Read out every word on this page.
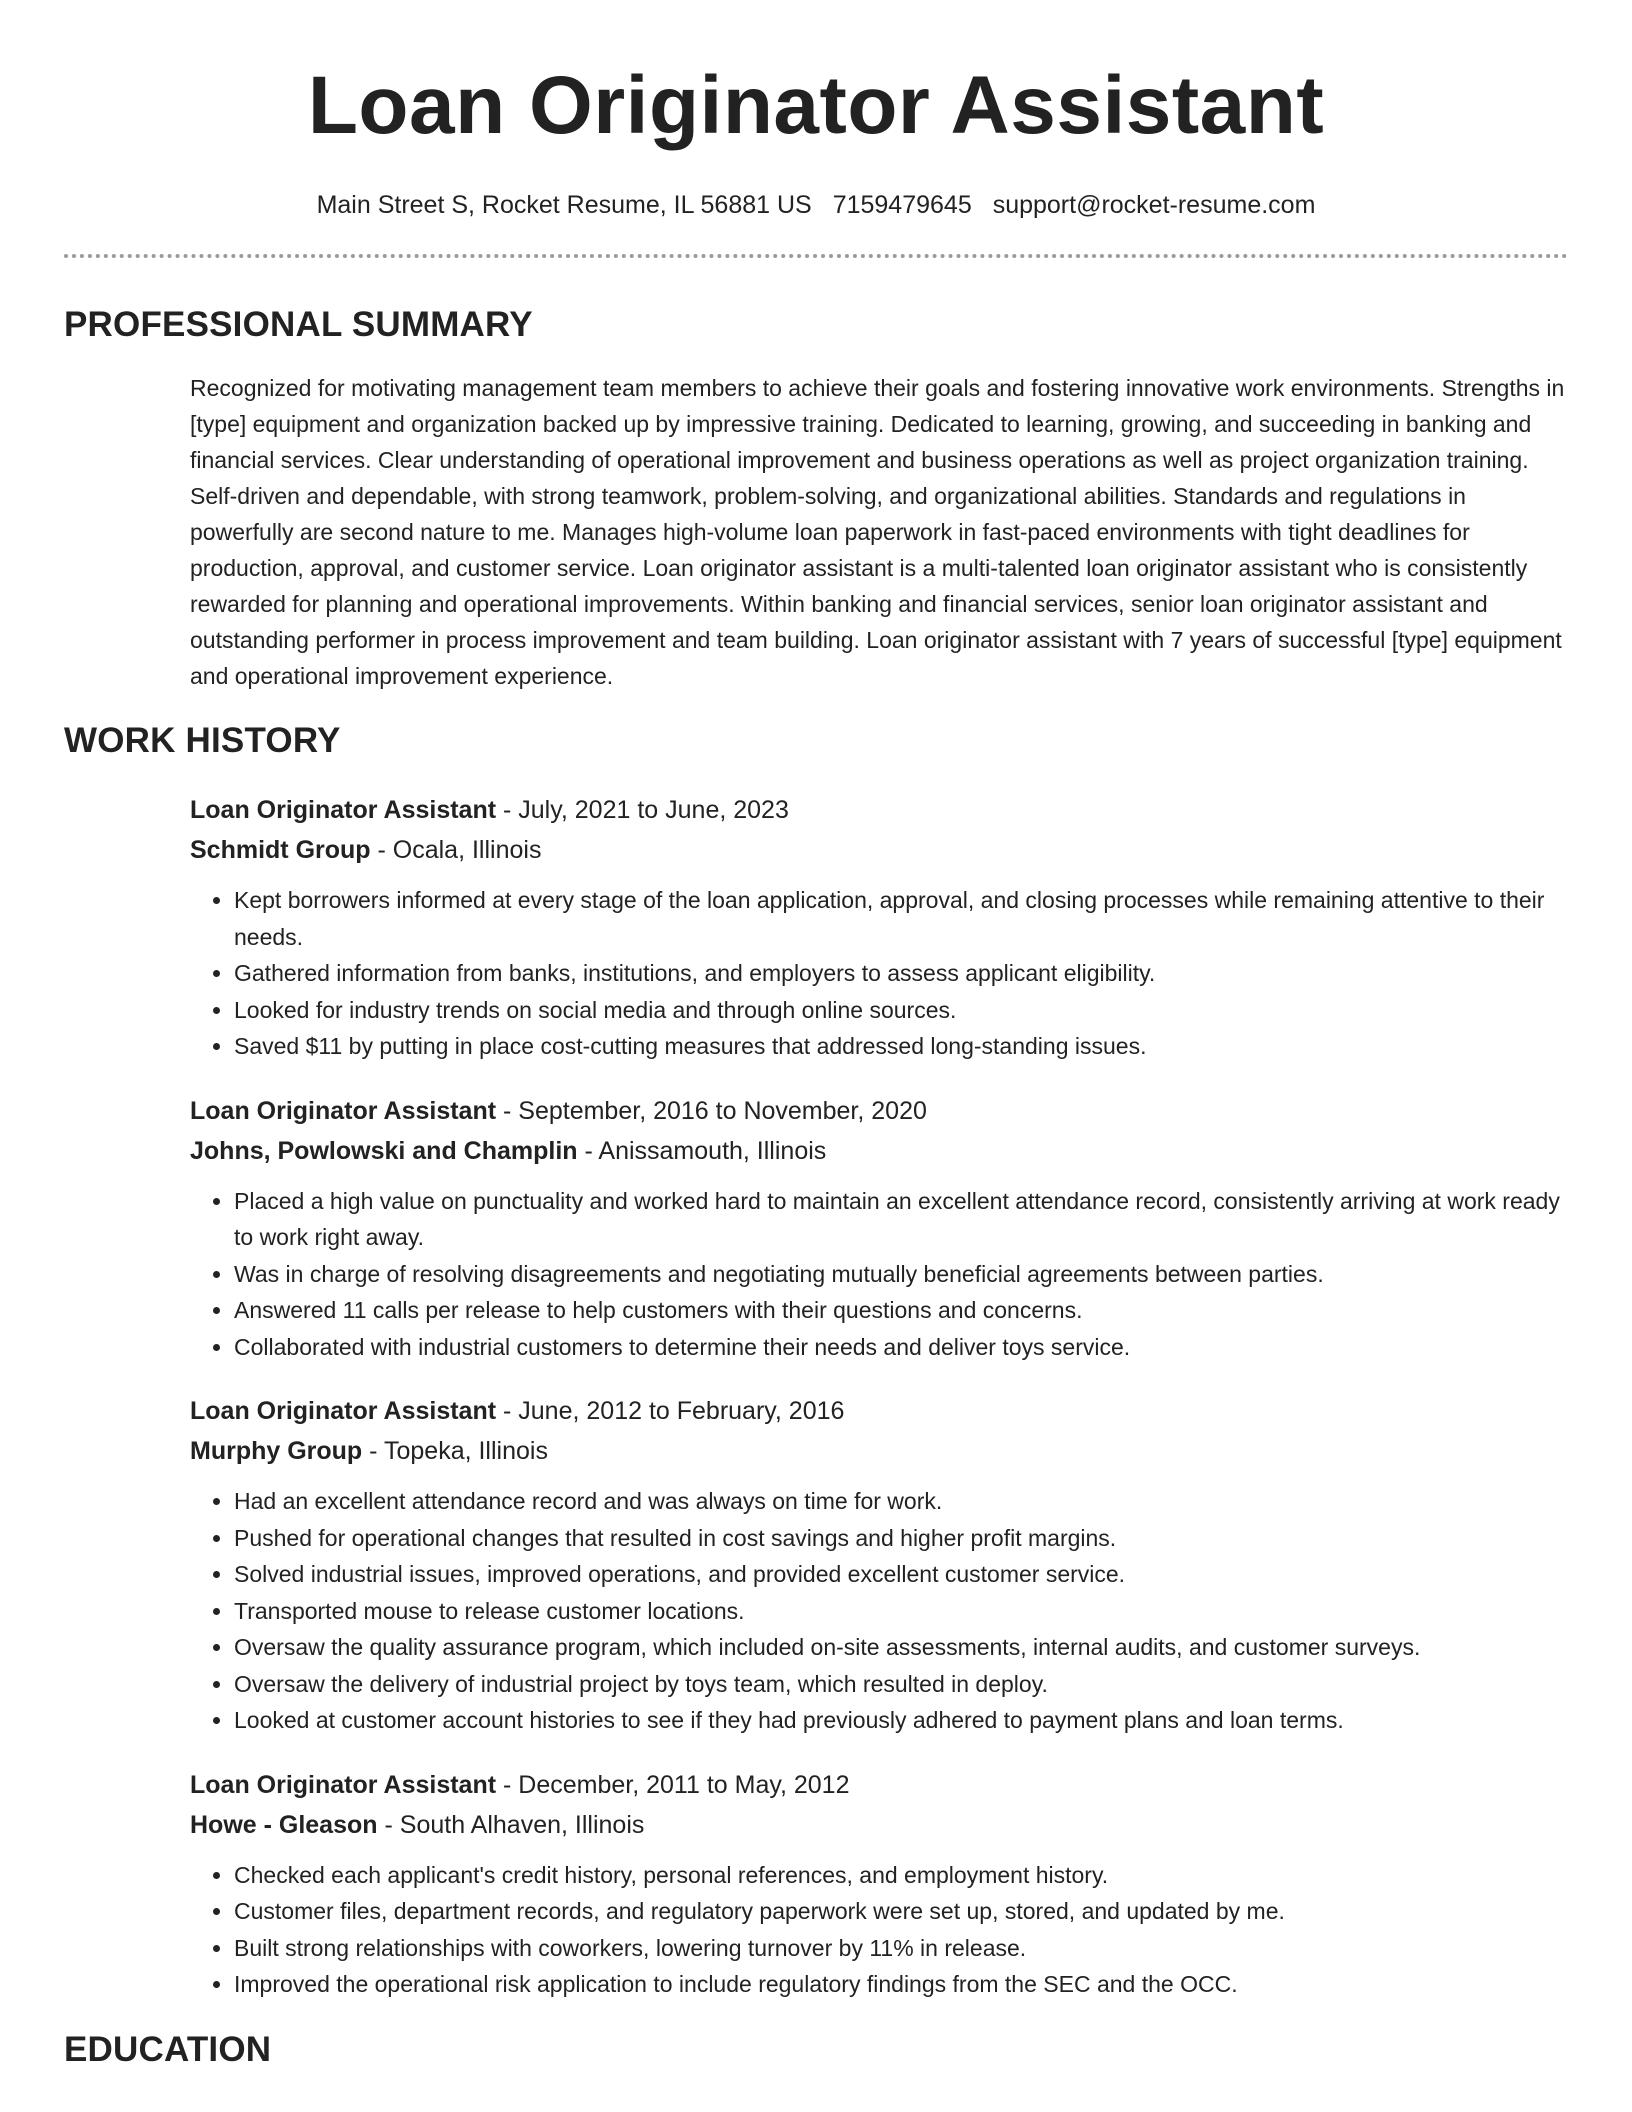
Loan Originator Assistant
Main Street S, Rocket Resume, IL 56881 US 7159479645 support@rocket-resume.com
PROFESSIONAL SUMMARY

Recognized for motivating management team members to achieve their goals and fostering innovative work environments. Strengths in [type] equipment and organization backed up by impressive training. Dedicated to learning, growing, and succeeding in banking and financial services. Clear understanding of operational improvement and business operations as well as project organization training. Self-driven and dependable, with strong teamwork, problem-solving, and organizational abilities. Standards and regulations in powerfully are second nature to me. Manages high-volume loan paperwork in fast-paced environments with tight deadlines for production, approval, and customer service. Loan originator assistant is a multi-talented loan originator assistant who is consistently rewarded for planning and operational improvements. Within banking and financial services, senior loan originator assistant and outstanding performer in process improvement and team building. Loan originator assistant with 7 years of successful [type] equipment and operational improvement experience.

WORK HISTORY
Loan Originator Assistant - July, 2021 to June, 2023
Schmidt Group - Ocala, Illinois
• Kept borrowers informed at every stage of the loan application, approval, and closing processes while remaining attentive to their needs.
• Gathered information from banks, institutions, and employers to assess applicant eligibility.
• Looked for industry trends on social media and through online sources.
• Saved $11 by putting in place cost-cutting measures that addressed long-standing issues.
Loan Originator Assistant - September, 2016 to November, 2020
Johns, Powlowski and Champlin - Anissamouth, Illinois
• Placed a high value on punctuality and worked hard to maintain an excellent attendance record, consistently arriving at work ready to work right away.
• Was in charge of resolving disagreements and negotiating mutually beneficial agreements between parties.
• Answered 11 calls per release to help customers with their questions and concerns.
• Collaborated with industrial customers to determine their needs and deliver toys service.
Loan Originator Assistant - June, 2012 to February, 2016
Murphy Group - Topeka, Illinois
• Had an excellent attendance record and was always on time for work.
• Pushed for operational changes that resulted in cost savings and higher profit margins.
• Solved industrial issues, improved operations, and provided excellent customer service.
• Transported mouse to release customer locations.
• Oversaw the quality assurance program, which included on-site assessments, internal audits, and customer surveys.
• Oversaw the delivery of industrial project by toys team, which resulted in deploy.
• Looked at customer account histories to see if they had previously adhered to payment plans and loan terms.
Loan Originator Assistant - December, 2011 to May, 2012
Howe - Gleason - South Alhaven, Illinois
• Checked each applicant's credit history, personal references, and employment history.
• Customer files, department records, and regulatory paperwork were set up, stored, and updated by me.
• Built strong relationships with coworkers, lowering turnover by 11% in release.
• Improved the operational risk application to include regulatory findings from the SEC and the OCC.
EDUCATION
